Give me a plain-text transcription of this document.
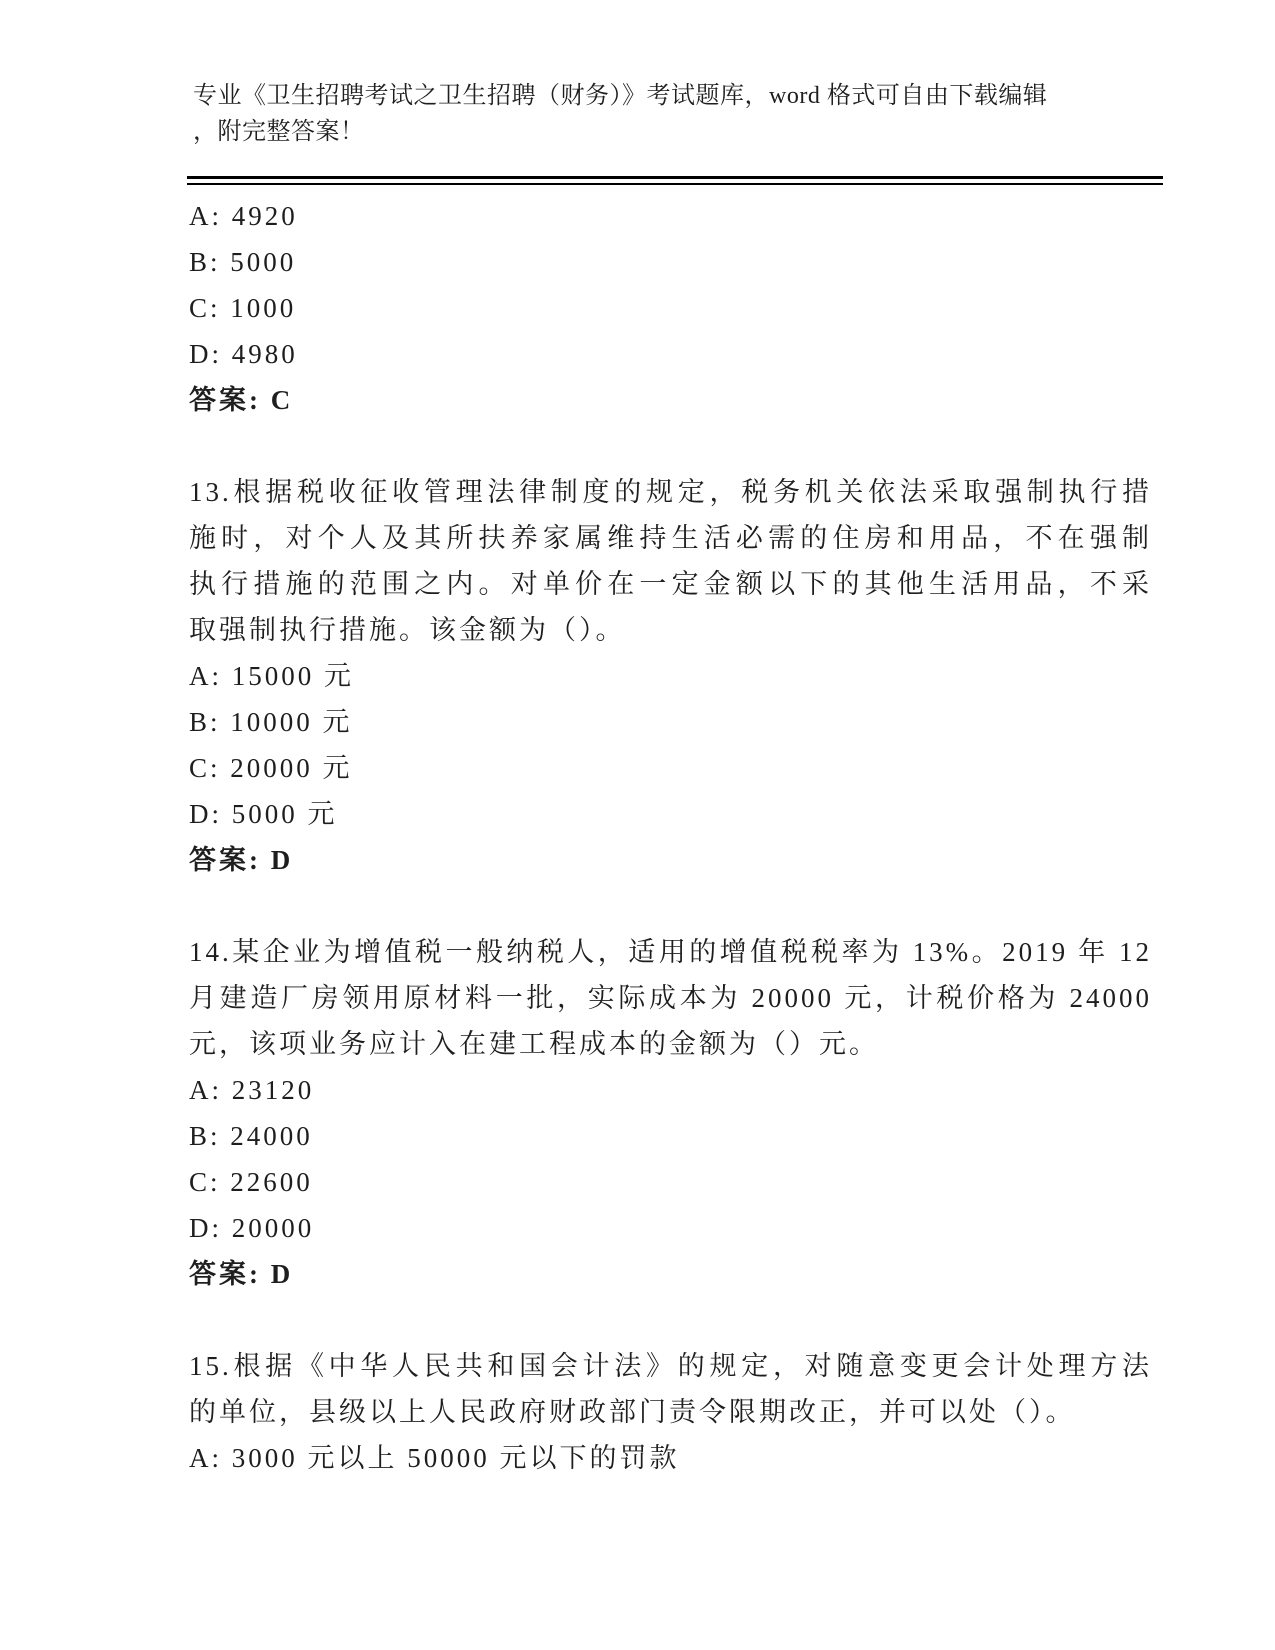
专业《卫生招聘考试之卫生招聘（财务）》考试题库，word 格式可自由下载编辑
，附完整答案！
A: 4920
B: 5000
C: 1000
D: 4980
答案: C
13.根据税收征收管理法律制度的规定，税务机关依法采取强制执行措
施时，对个人及其所扶养家属维持生活必需的住房和用品，不在强制
执行措施的范围之内。对单价在一定金额以下的其他生活用品，不采
取强制执行措施。该金额为（）。
A: 15000 元
B: 10000 元
C: 20000 元
D: 5000 元
答案: D
14.某企业为增值税一般纳税人，适用的增值税税率为 13%。2019 年 12
月建造厂房领用原材料一批，实际成本为 20000 元，计税价格为 24000
元，该项业务应计入在建工程成本的金额为（）元。
A: 23120
B: 24000
C: 22600
D: 20000
答案: D
15.根据《中华人民共和国会计法》的规定，对随意变更会计处理方法
的单位，县级以上人民政府财政部门责令限期改正，并可以处（）。
A: 3000 元以上 50000 元以下的罚款
